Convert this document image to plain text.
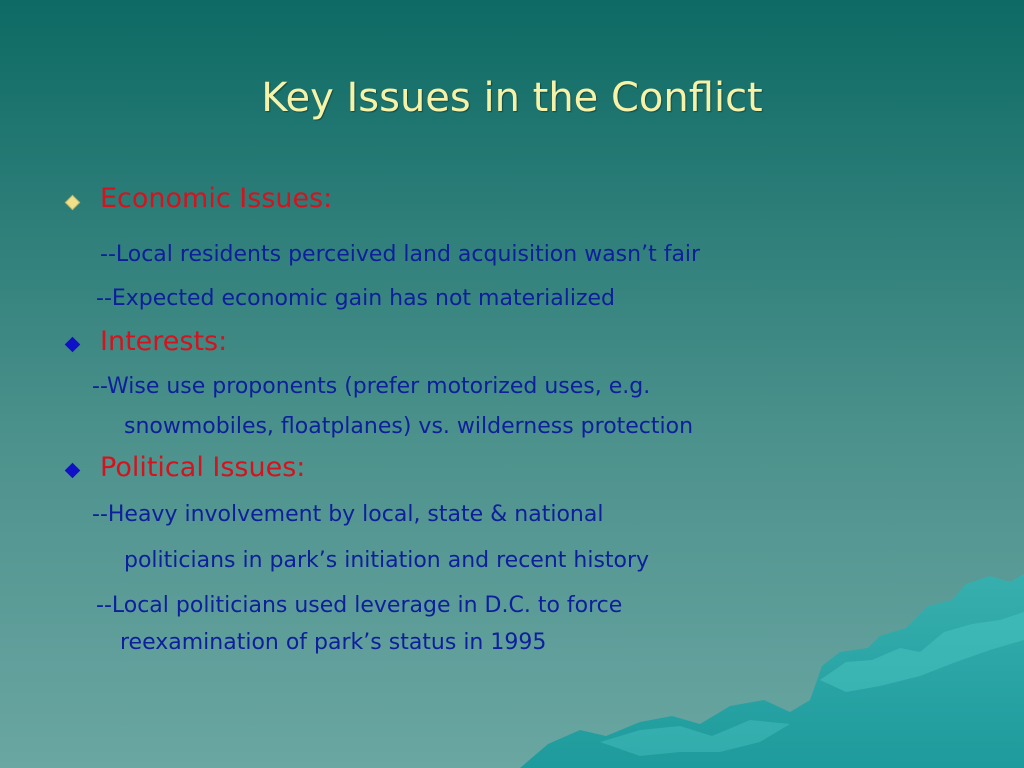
Key Issues in the Conflict
Economic Issues:
--Local residents perceived land acquisition wasn’t fair
--Expected economic gain has not materialized
Interests:
--Wise use proponents (prefer motorized uses, e.g.
snowmobiles, floatplanes) vs. wilderness protection
Political Issues:
--Heavy involvement by local, state & national
politicians in park’s initiation and recent history
--Local politicians used leverage in D.C. to force
reexamination of park’s status in 1995
